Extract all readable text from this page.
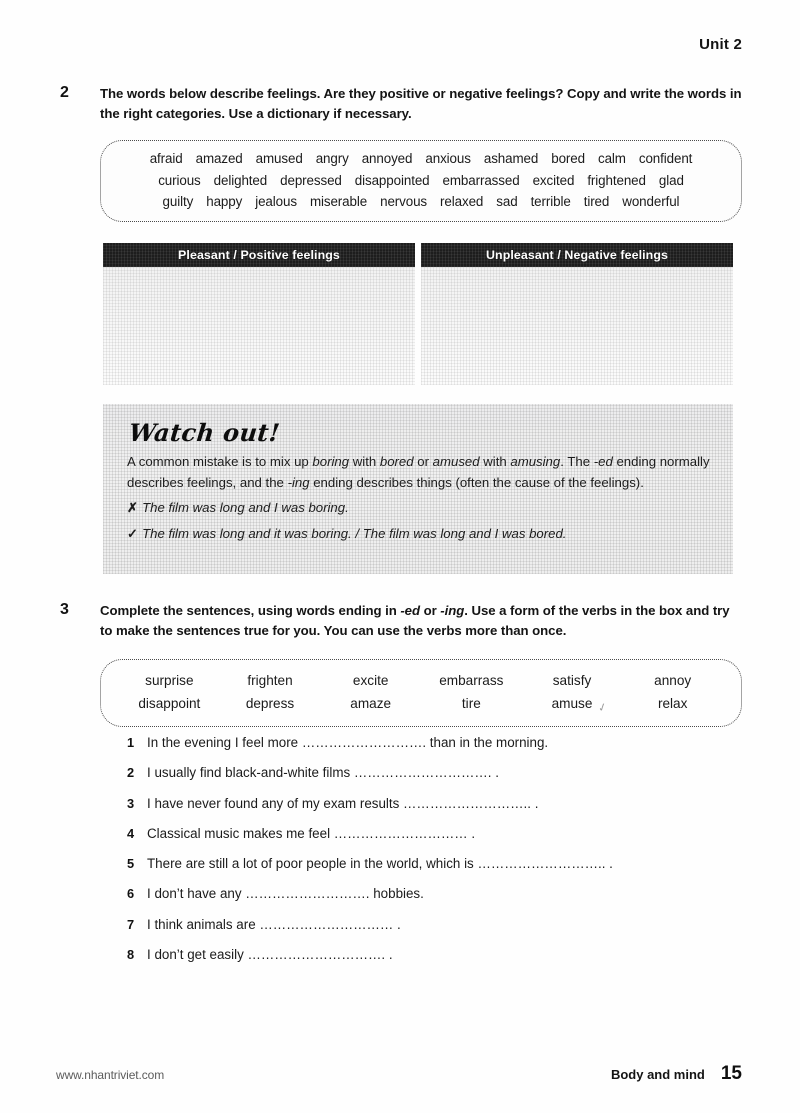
Unit 2
2	The words below describe feelings. Are they positive or negative feelings? Copy and write the words in the right categories. Use a dictionary if necessary.
afraid amazed amused angry annoyed anxious ashamed bored calm confident
curious delighted depressed disappointed embarrassed excited frightened glad
guilty happy jealous miserable nervous relaxed sad terrible tired wonderful
Pleasant / Positive feelings	Unpleasant / Negative feelings
Watch out!
A common mistake is to mix up boring with bored or amused with amusing. The -ed ending normally describes feelings, and the -ing ending describes things (often the cause of the feelings).
✗ The film was long and I was boring.
✓ The film was long and it was boring. / The film was long and I was bored.
3	Complete the sentences, using words ending in -ed or -ing. Use a form of the verbs in the box and try to make the sentences true for you. You can use the verbs more than once.
surprise	frighten	excite	embarrass	satisfy	annoy
disappoint	depress	amaze	tire	amuse	relax
✓
1 In the evening I feel more ………………………. than in the morning.
2 I usually find black-and-white films …………………………. .
3 I have never found any of my exam results ……………………….. .
4 Classical music makes me feel ………………………… .
5 There are still a lot of poor people in the world, which is ……………………….. .
6 I don’t have any ………………………. hobbies.
7 I think animals are ………………………… .
8 I don’t get easily …………………………. .
www.nhantriviet.com	Body and mind 15
